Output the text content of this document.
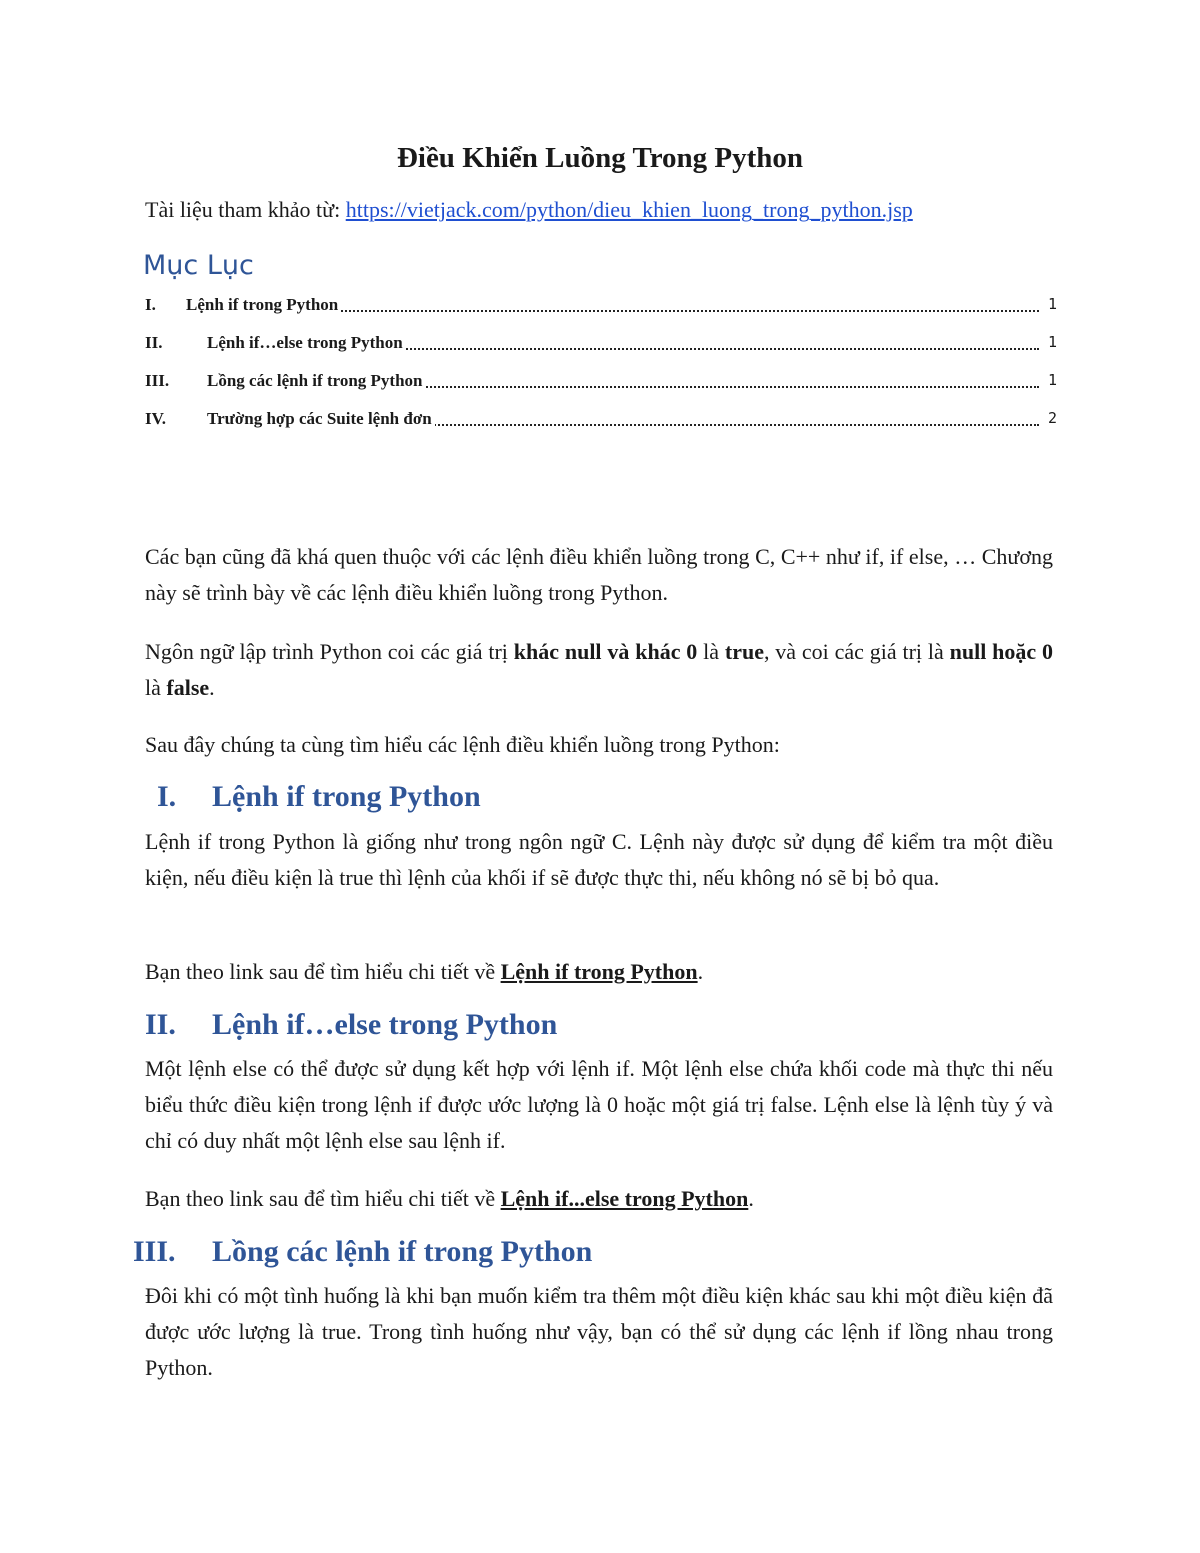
Điều Khiển Luồng Trong Python
Tài liệu tham khảo từ: https://vietjack.com/python/dieu_khien_luong_trong_python.jsp
Mục Lục
I. Lệnh if trong Python	1
II.	Lệnh if…else trong Python	1
III. Lồng các lệnh if trong Python	1
IV. Trường hợp các Suite lệnh đơn	2
Các bạn cũng đã khá quen thuộc với các lệnh điều khiển luồng trong C, C++ như if, if else, … Chương này sẽ trình bày về các lệnh điều khiển luồng trong Python.
Ngôn ngữ lập trình Python coi các giá trị khác null và khác 0 là true, và coi các giá trị là null hoặc 0 là false.
Sau đây chúng ta cùng tìm hiểu các lệnh điều khiển luồng trong Python:
I. Lệnh if trong Python
Lệnh if trong Python là giống như trong ngôn ngữ C. Lệnh này được sử dụng để kiểm tra một điều kiện, nếu điều kiện là true thì lệnh của khối if sẽ được thực thi, nếu không nó sẽ bị bỏ qua.
Bạn theo link sau để tìm hiểu chi tiết về Lệnh if trong Python.
II. Lệnh if…else trong Python
Một lệnh else có thể được sử dụng kết hợp với lệnh if. Một lệnh else chứa khối code mà thực thi nếu biểu thức điều kiện trong lệnh if được ước lượng là 0 hoặc một giá trị false. Lệnh else là lệnh tùy ý và chỉ có duy nhất một lệnh else sau lệnh if.
Bạn theo link sau để tìm hiểu chi tiết về Lệnh if...else trong Python.
III. Lồng các lệnh if trong Python
Đôi khi có một tình huống là khi bạn muốn kiểm tra thêm một điều kiện khác sau khi một điều kiện đã được ước lượng là true. Trong tình huống như vậy, bạn có thể sử dụng các lệnh if lồng nhau trong Python.
